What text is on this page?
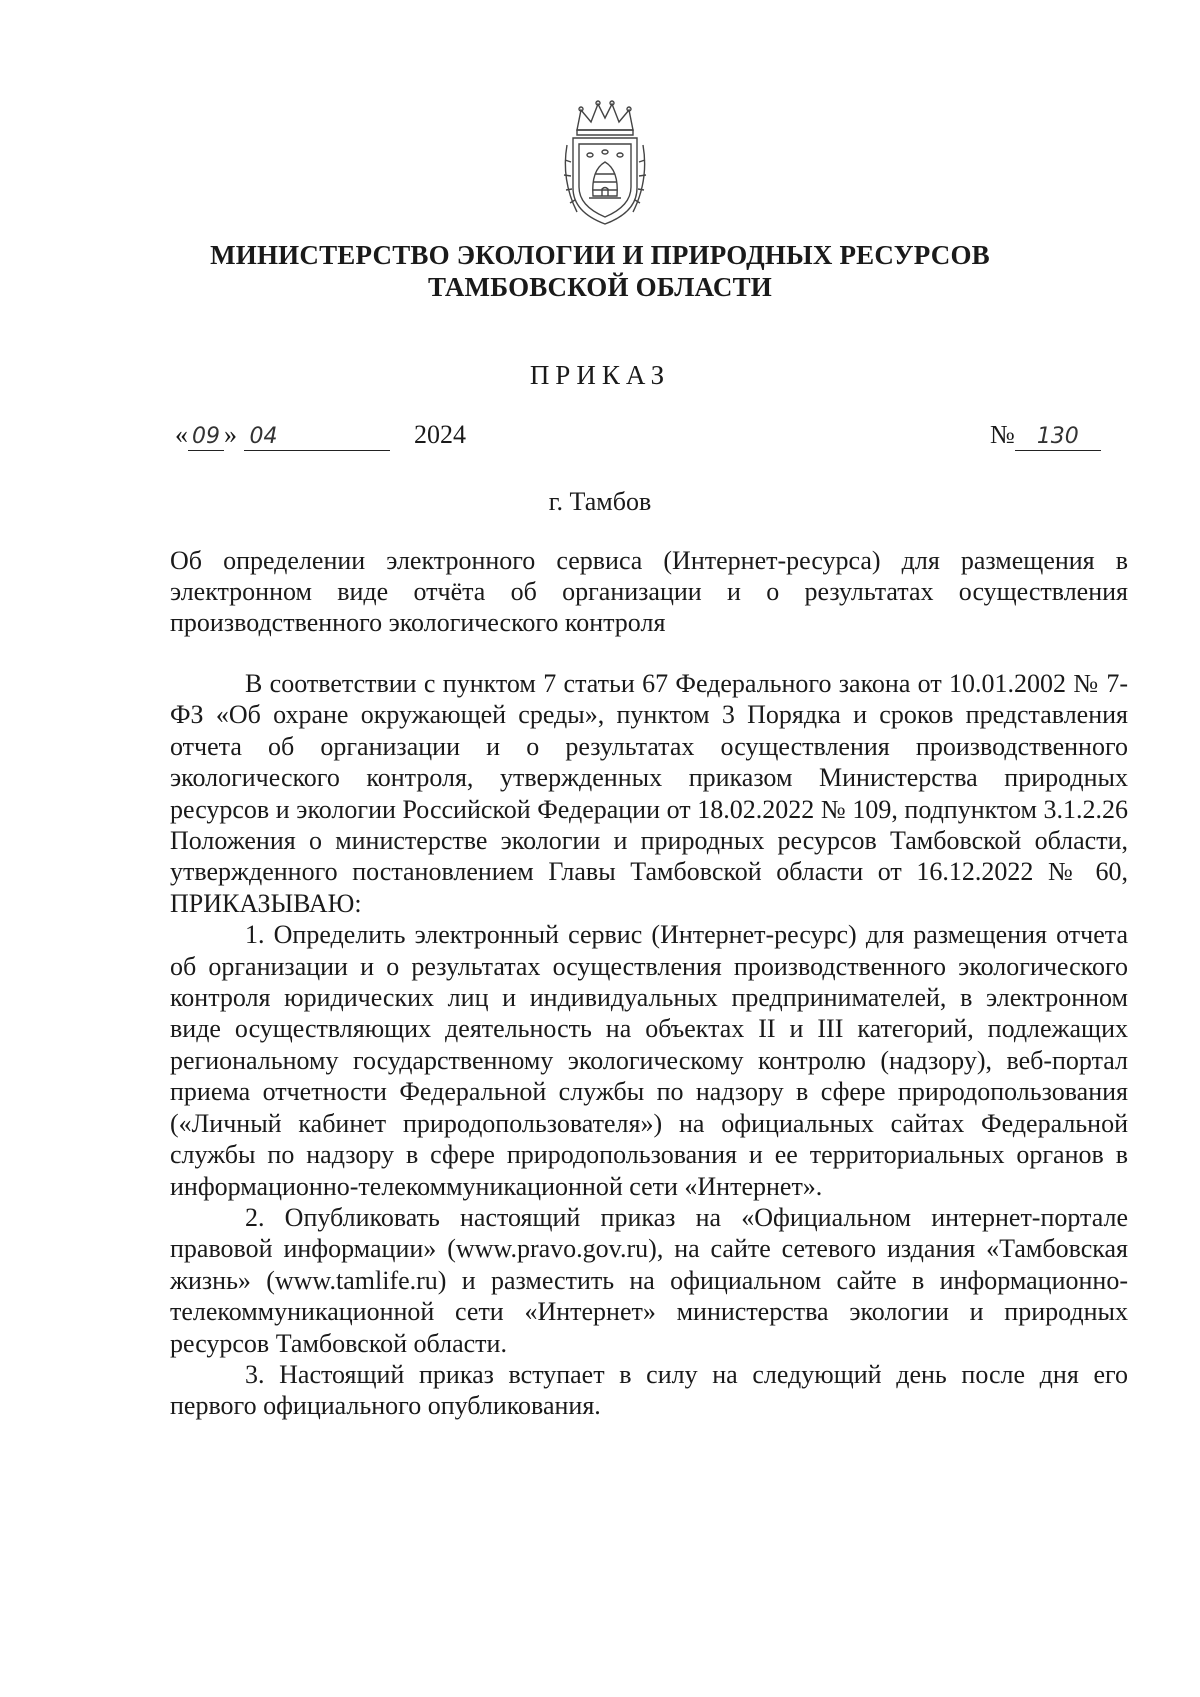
МИНИСТЕРСТВО ЭКОЛОГИИ И ПРИРОДНЫХ РЕСУРСОВ
ТАМБОВСКОЙ ОБЛАСТИ
ПРИКАЗ
« 09 » 04	2024	№ 130
г. Тамбов
Об определении электронного сервиса (Интернет-ресурса) для размещения в электронном виде отчёта об организации и о результатах осуществления производственного экологического контроля

В соответствии с пунктом 7 статьи 67 Федерального закона от 10.01.2002 № 7-ФЗ «Об охране окружающей среды», пунктом 3 Порядка и сроков представления отчета об организации и о результатах осуществления производственного экологического контроля, утвержденных приказом Министерства природных ресурсов и экологии Российской Федерации от 18.02.2022 № 109, подпунктом 3.1.2.26 Положения о министерстве экологии и природных ресурсов Тамбовской области, утвержденного постановлением Главы Тамбовской области от 16.12.2022 № 60, ПРИКАЗЫВАЮ:

1. Определить электронный сервис (Интернет-ресурс) для размещения отчета об организации и о результатах осуществления производственного экологического контроля юридических лиц и индивидуальных предпринимателей, в электронном виде осуществляющих деятельность на объектах II и III категорий, подлежащих региональному государственному экологическому контролю (надзору), веб-портал приема отчетности Федеральной службы по надзору в сфере природопользования («Личный кабинет природопользователя») на официальных сайтах Федеральной службы по надзору в сфере природопользования и ее территориальных органов в информационно-телекоммуникационной сети «Интернет».

2. Опубликовать настоящий приказ на «Официальном интернет-портале правовой информации» (www.pravo.gov.ru), на сайте сетевого издания «Тамбовская жизнь» (www.tamlife.ru) и разместить на официальном сайте в информационно-телекоммуникационной сети «Интернет» министерства экологии и природных ресурсов Тамбовской области.

3. Настоящий приказ вступает в силу на следующий день после дня его первого официального опубликования.
